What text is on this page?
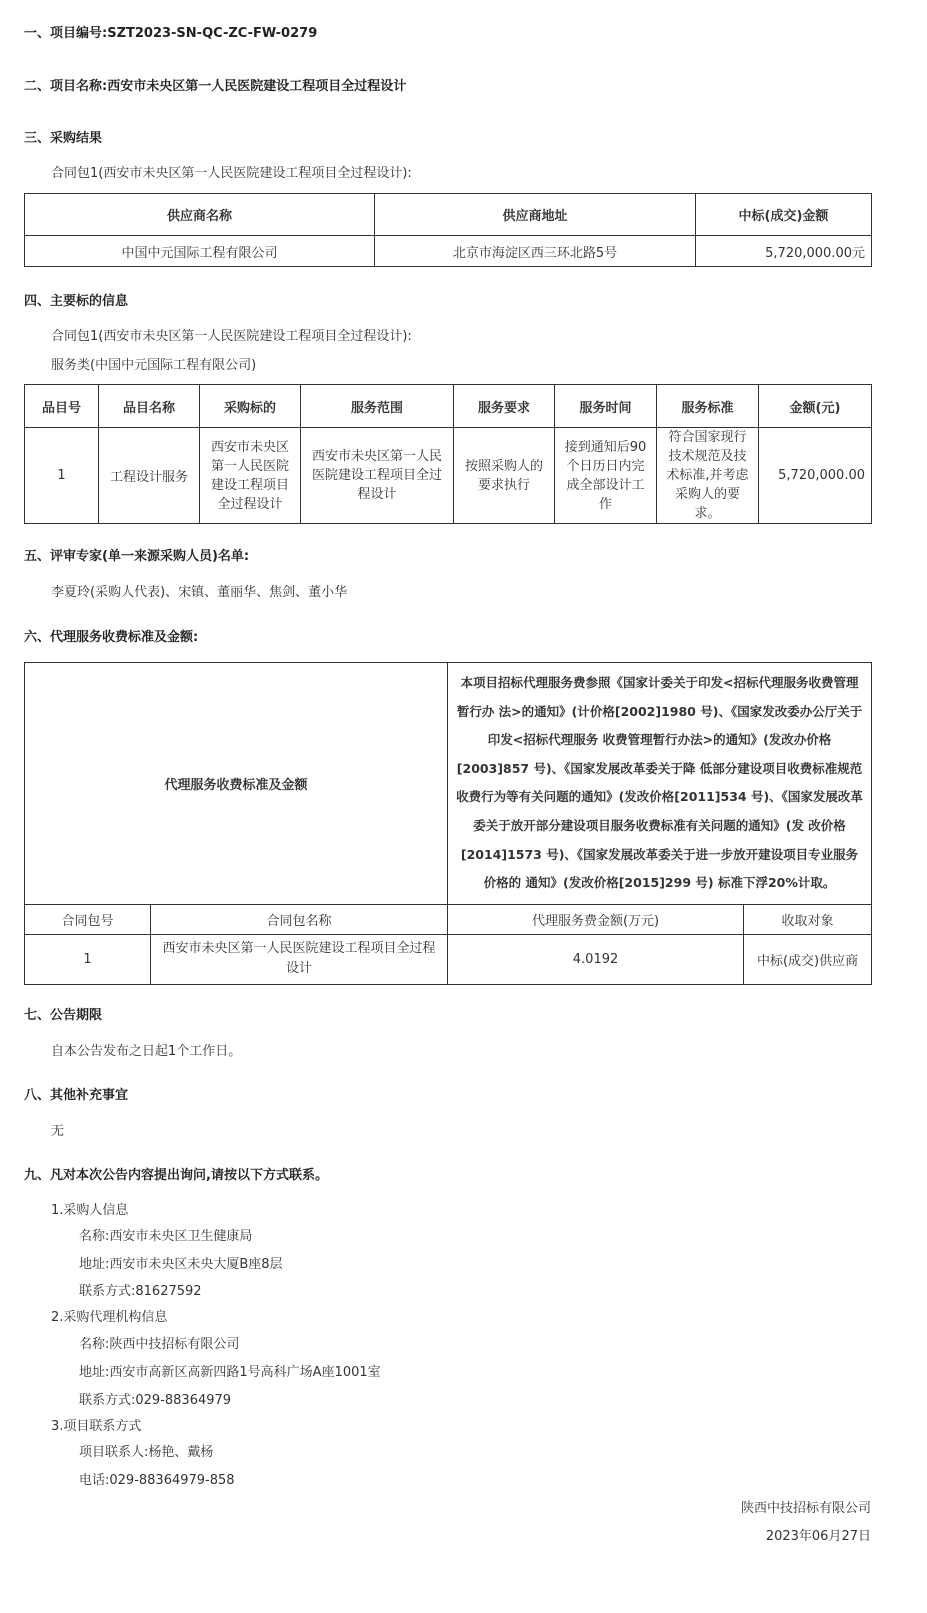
一、项目编号:SZT2023-SN-QC-ZC-FW-0279
二、项目名称:西安市未央区第一人民医院建设工程项目全过程设计
三、采购结果
合同包1(西安市未央区第一人民医院建设工程项目全过程设计):
供应商名称	供应商地址	中标(成交)金额
中国中元国际工程有限公司	北京市海淀区西三环北路5号	5,720,000.00元
四、主要标的信息
合同包1(西安市未央区第一人民医院建设工程项目全过程设计):
服务类(中国中元国际工程有限公司)
品目号	品目名称	采购标的	服务范围	服务要求	服务时间	服务标准	金额(元)
1	工程设计服务	西安市未央区第一人民医院建设工程项目全过程设计	西安市未央区第一人民医院建设工程项目全过程设计	按照采购人的要求执行	接到通知后90个日历日内完成全部设计工作	符合国家现行技术规范及技术标准,并考虑采购人的要求。	5,720,000.00
五、评审专家(单一来源采购人员)名单:
李夏玲(采购人代表)、宋镇、董丽华、焦剑、董小华
六、代理服务收费标准及金额:
代理服务收费标准及金额		本项目招标代理服务费参照《国家计委关于印发<招标代理服务收费管理暂行办 法>的通知》(计价格[2002]1980 号)、《国家发改委办公厅关于印发<招标代理服务 收费管理暂行办法>的通知》(发改办价格[2003]857 号)、《国家发展改革委关于降 低部分建设项目收费标准规范收费行为等有关问题的通知》(发改价格[2011]534 号)、《国家发展改革委关于放开部分建设项目服务收费标准有关问题的通知》(发 改价格[2014]1573 号)、《国家发展改革委关于进一步放开建设项目专业服务价格的 通知》(发改价格[2015]299 号) 标准下浮20%计取。	
合同包号	合同包名称	代理服务费金额(万元)	收取对象
1	西安市未央区第一人民医院建设工程项目全过程设计	4.0192	中标(成交)供应商
七、公告期限
自本公告发布之日起1个工作日。
八、其他补充事宜
无
九、凡对本次公告内容提出询问,请按以下方式联系。
1.采购人信息
名称:西安市未央区卫生健康局
地址:西安市未央区未央大厦B座8层
联系方式:81627592
2.采购代理机构信息
名称:陕西中技招标有限公司
地址:西安市高新区高新四路1号高科广场A座1001室
联系方式:029-88364979
3.项目联系方式
项目联系人:杨艳、戴杨
电话:029-88364979-858
陕西中技招标有限公司
2023年06月27日
